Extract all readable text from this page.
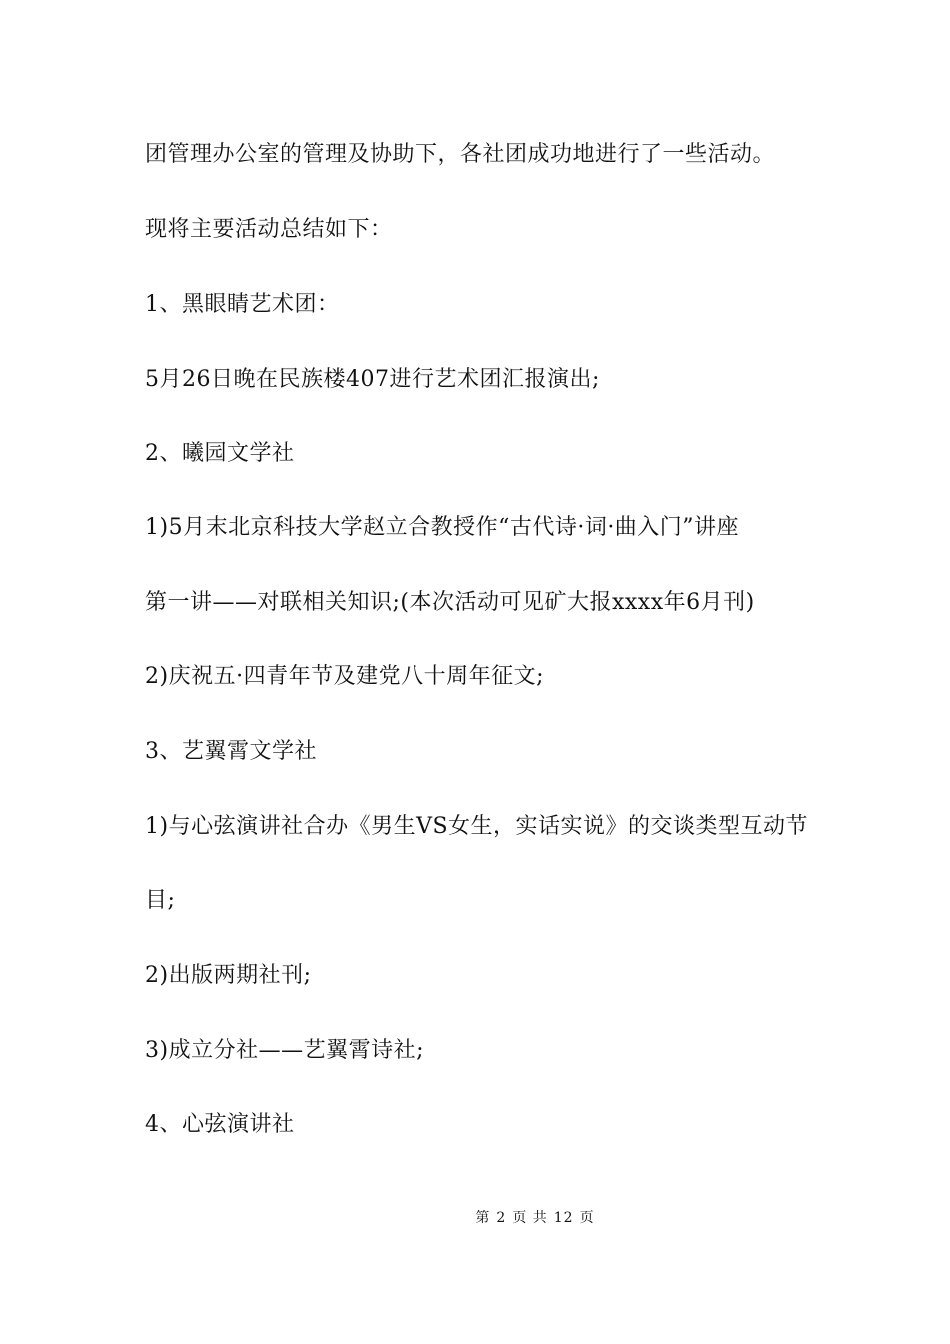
团管理办公室的管理及协助下，各社团成功地进行了一些活动。
现将主要活动总结如下：
1、黑眼睛艺术团：
5月26日晚在民族楼407进行艺术团汇报演出;
2、曦园文学社
1)5月末北京科技大学赵立合教授作“古代诗·词·曲入门”讲座
第一讲——对联相关知识;(本次活动可见矿大报xxxx年6月刊)
2)庆祝五·四青年节及建党八十周年征文;
3、艺翼霄文学社
1)与心弦演讲社合办《男生VS女生，实话实说》的交谈类型互动节
目;
2)出版两期社刊;
3)成立分社——艺翼霄诗社;
4、心弦演讲社
第 2 页 共 12 页
